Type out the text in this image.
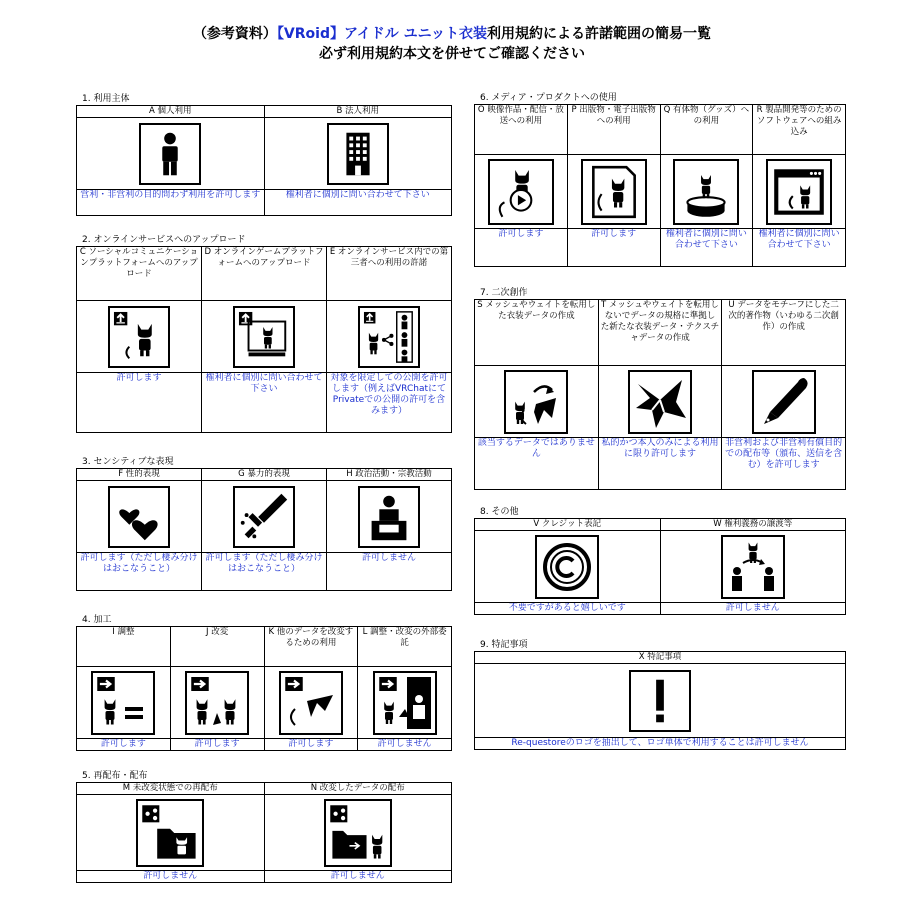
（参考資料）【VRoid】アイドル ユニット衣装利用規約による許諾範囲の簡易一覧
必ず利用規約本文を併せてご確認ください
1. 利用主体
A 個人利用	B 法人利用

営利・非営利の目的問わず利用を許可します	権利者に個別に問い合わせて下さい
2. オンラインサービスへのアップロード
C ソーシャルコミュニケーションプラットフォームへのアップロード	D オンラインゲームプラットフォームへのアップロード	E オンラインサービス内での第三者への利用の許諾

許可します	権利者に個別に問い合わせて下さい	対象を限定しての公開を許可します（例えばVRChatにてPrivateでの公開の許可を含みます）
3. センシティブな表現
F 性的表現	G 暴力的表現	H 政治活動・宗教活動

許可します（ただし棲み分けはおこなうこと）	許可します（ただし棲み分けはおこなうこと）	許可しません
4. 加工
I 調整	J 改変	K 他のデータを改変するための利用	L 調整・改変の外部委託

許可します	許可します	許可します	許可しません
5. 再配布・配布
M 未改変状態での再配布	N 改変したデータの配布

許可しません	許可しません
6. メディア・プロダクトへの使用
O 映像作品・配信・放送への利用	P 出版物・電子出版物への利用	Q 有体物（グッズ）への利用	R 製品開発等のためのソフトウェアへの組み込み

許可します	許可します	権利者に個別に問い合わせて下さい	権利者に個別に問い合わせて下さい
7. 二次創作
S メッシュやウェイトを転用した衣装データの作成	T メッシュやウェイトを転用しないでデータの規格に準拠した新たな衣装データ・テクスチャデータの作成	U データをモチーフにした二次的著作物（いわゆる二次創作）の作成

該当するデータではありません	私的かつ本人のみによる利用に限り許可します	非営利および非営利有償目的での配布等（頒布、送信を含む）を許可します
8. その他
V クレジット表記	W 権利義務の譲渡等

不要ですがあると嬉しいです	許可しません
9. 特記事項
X 特記事項

Re-questoreのロゴを抽出して、ロゴ単体で利用することは許可しません
